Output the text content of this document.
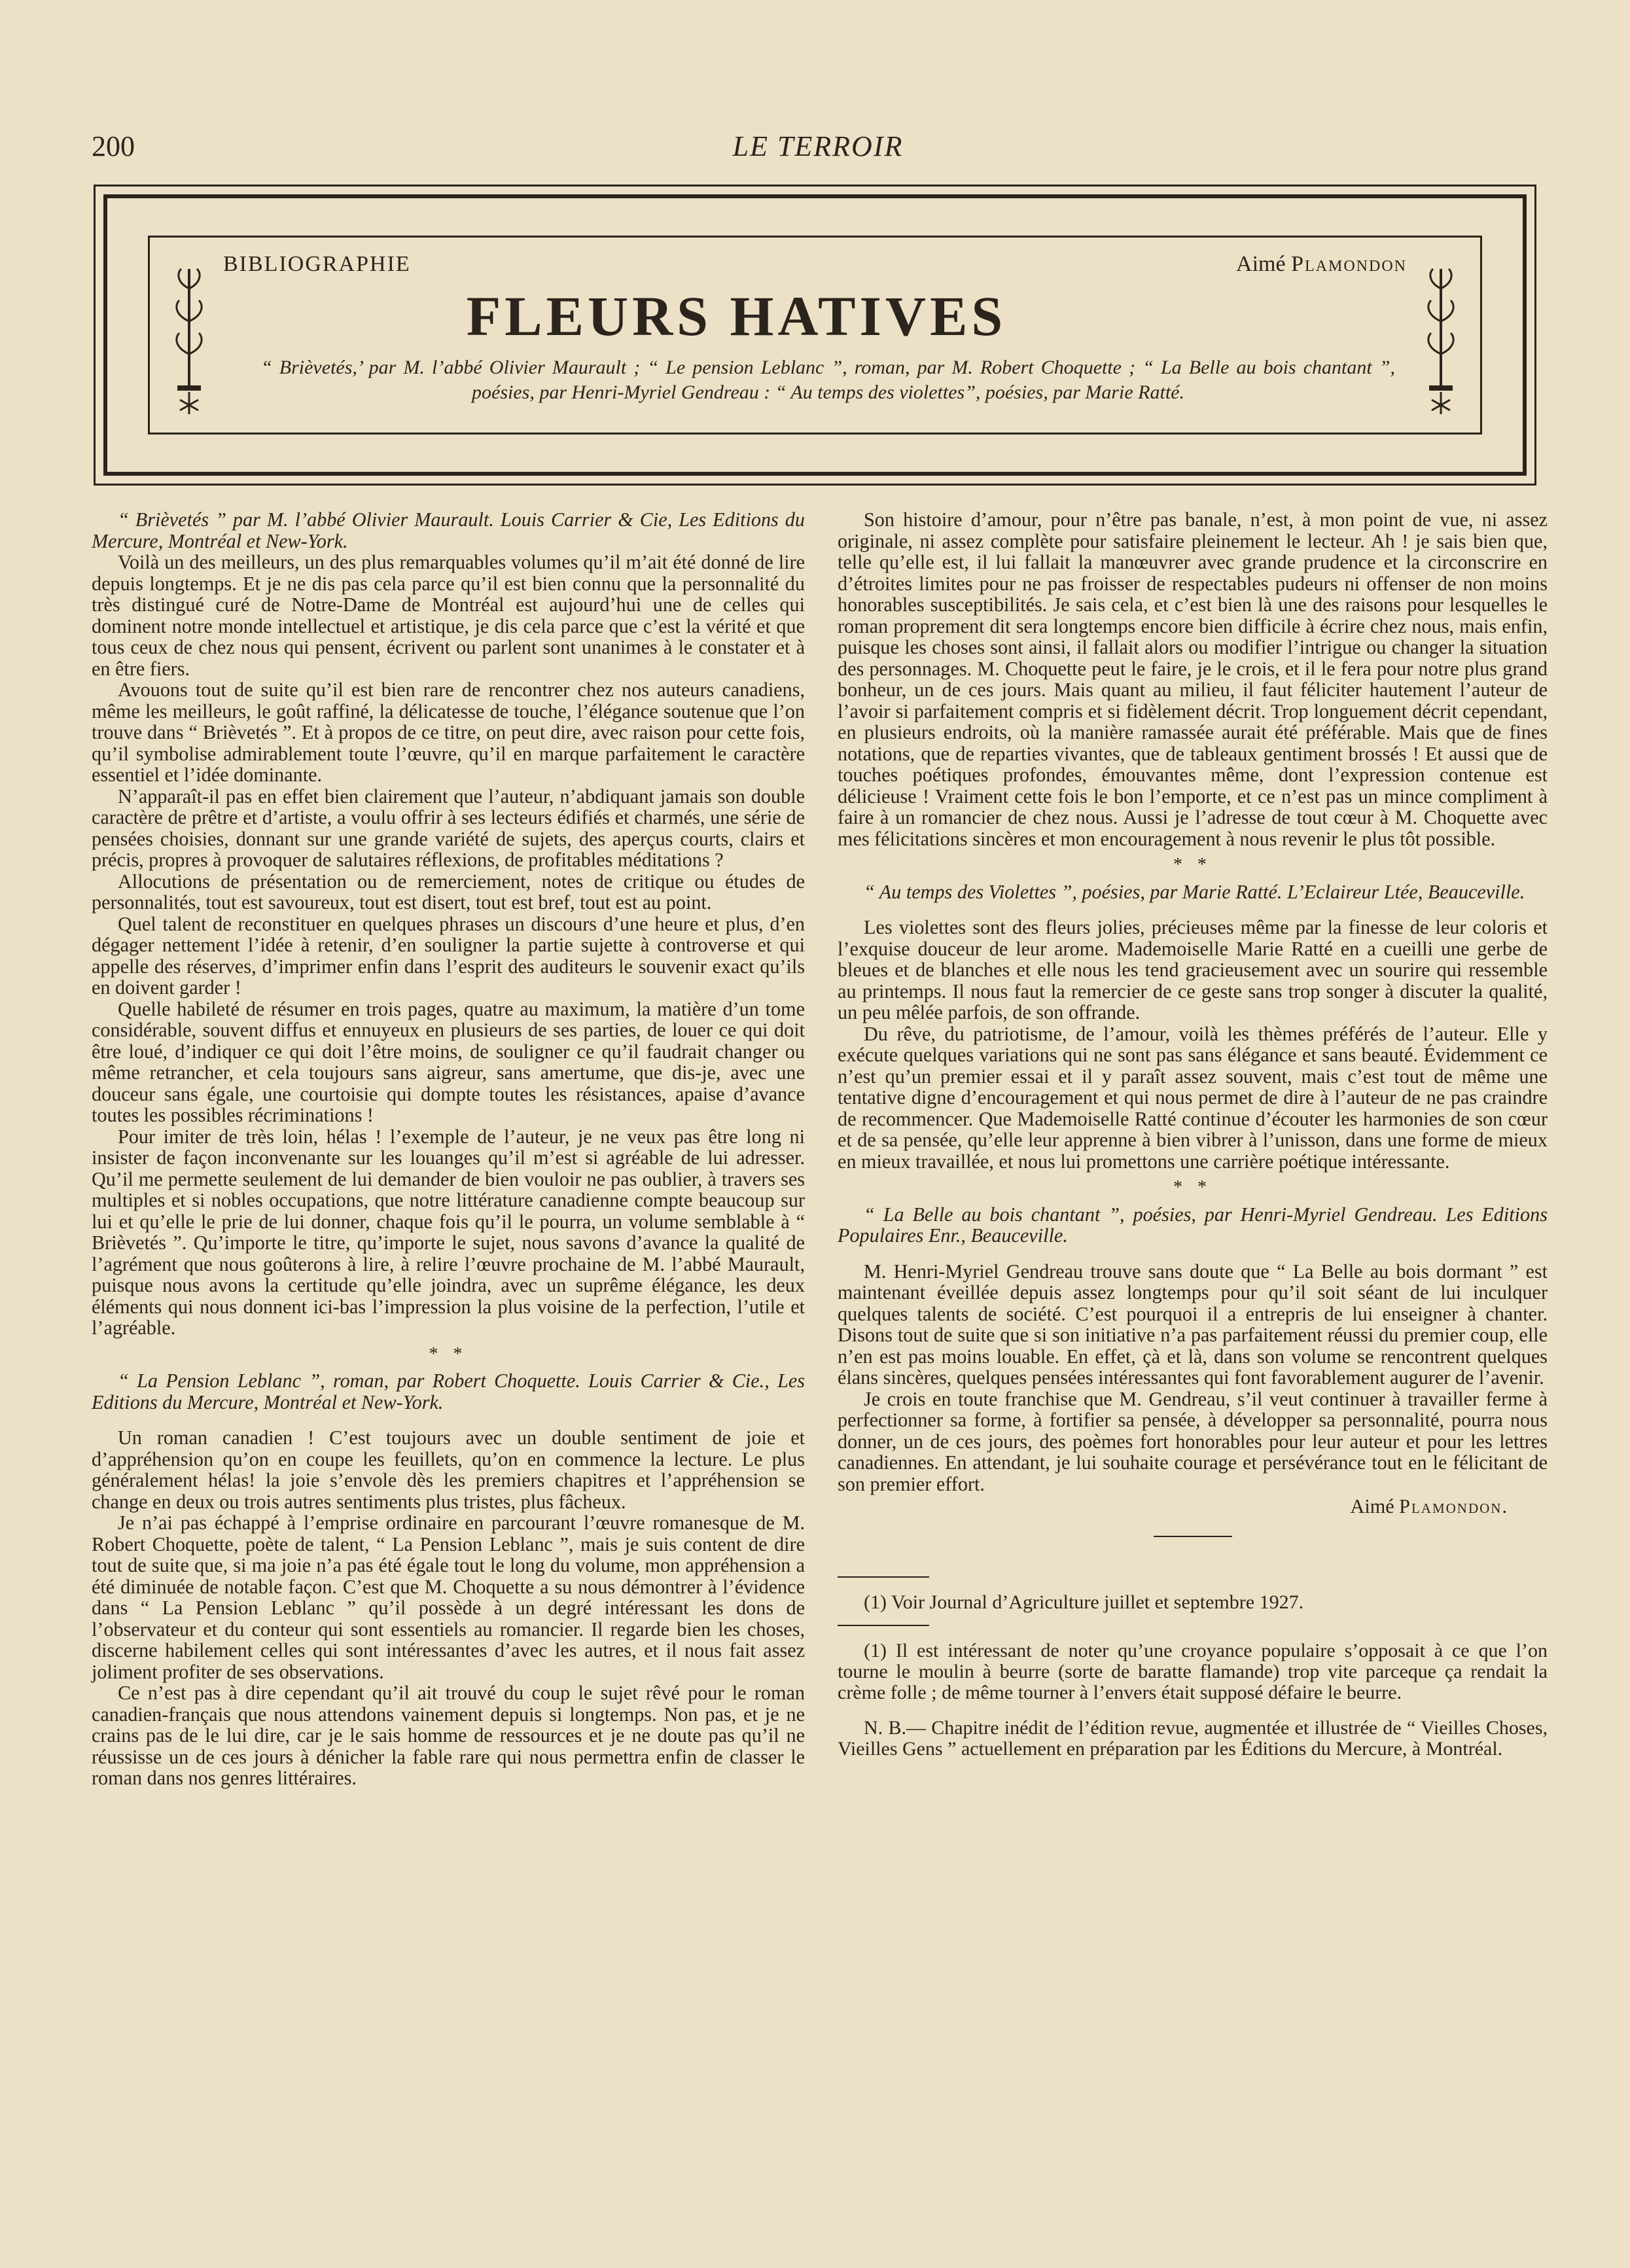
200	LE TERROIR
BIBLIOGRAPHIE	Aimé Plamondon
FLEURS HATIVES
“ Brièvetés,’ par M. l’abbé Olivier Maurault ; “ Le pension Leblanc ”, roman, par M. Robert Choquette ; “ La Belle au bois chantant ”, poésies, par Henri-Myriel Gendreau : “ Au temps des violettes”, poésies, par Marie Ratté.

“ Brièvetés ” par M. l’abbé Olivier Maurault. Louis Carrier & Cie, Les Editions du Mercure, Montréal et New-York.

Voilà un des meilleurs, un des plus remarquables volumes qu’il m’ait été donné de lire depuis longtemps. Et je ne dis pas cela parce qu’il est bien connu que la personnalité du très distingué curé de Notre-Dame de Montréal est aujourd’hui une de celles qui dominent notre monde intellectuel et artistique, je dis cela parce que c’est la vérité et que tous ceux de chez nous qui pensent, écrivent ou parlent sont unanimes à le constater et à en être fiers.

Avouons tout de suite qu’il est bien rare de rencontrer chez nos auteurs canadiens, même les meilleurs, le goût raffiné, la délicatesse de touche, l’élégance soutenue que l’on trouve dans “ Brièvetés ”. Et à propos de ce titre, on peut dire, avec raison pour cette fois, qu’il symbolise admirablement toute l’œuvre, qu’il en marque parfaitement le caractère essentiel et l’idée dominante.

N’apparaît-il pas en effet bien clairement que l’auteur, n’abdiquant jamais son double caractère de prêtre et d’artiste, a voulu offrir à ses lecteurs édifiés et charmés, une série de pensées choisies, donnant sur une grande variété de sujets, des aperçus courts, clairs et précis, propres à provoquer de salutaires réflexions, de profitables méditations ?

Allocutions de présentation ou de remerciement, notes de critique ou études de personnalités, tout est savoureux, tout est disert, tout est bref, tout est au point.

Quel talent de reconstituer en quelques phrases un discours d’une heure et plus, d’en dégager nettement l’idée à retenir, d’en souligner la partie sujette à controverse et qui appelle des réserves, d’imprimer enfin dans l’esprit des auditeurs le souvenir exact qu’ils en doivent garder !

Quelle habileté de résumer en trois pages, quatre au maximum, la matière d’un tome considérable, souvent diffus et ennuyeux en plusieurs de ses parties, de louer ce qui doit être loué, d’indiquer ce qui doit l’être moins, de souligner ce qu’il faudrait changer ou même retrancher, et cela toujours sans aigreur, sans amertume, que dis-je, avec une douceur sans égale, une courtoisie qui dompte toutes les résistances, apaise d’avance toutes les possibles récriminations !

Pour imiter de très loin, hélas ! l’exemple de l’auteur, je ne veux pas être long ni insister de façon inconvenante sur les louanges qu’il m’est si agréable de lui adresser. Qu’il me permette seulement de lui demander de bien vouloir ne pas oublier, à travers ses multiples et si nobles occupations, que notre littérature canadienne compte beaucoup sur lui et qu’elle le prie de lui donner, chaque fois qu’il le pourra, un volume semblable à “ Brièvetés ”. Qu’importe le titre, qu’importe le sujet, nous savons d’avance la qualité de l’agrément que nous goûterons à lire, à relire l’œuvre prochaine de M. l’abbé Maurault, puisque nous avons la certitude qu’elle joindra, avec un suprême élégance, les deux éléments qui nous donnent ici-bas l’impression la plus voisine de la perfection, l’utile et l’agréable.

* *

“ La Pension Leblanc ”, roman, par Robert Choquette. Louis Carrier & Cie., Les Editions du Mercure, Montréal et New-York.

Un roman canadien ! C’est toujours avec un double sentiment de joie et d’appréhension qu’on en coupe les feuillets, qu’on en commence la lecture. Le plus généralement hélas! la joie s’envole dès les premiers chapitres et l’appréhension se change en deux ou trois autres sentiments plus tristes, plus fâcheux.

Je n’ai pas échappé à l’emprise ordinaire en parcourant l’œuvre romanesque de M. Robert Choquette, poète de talent, “ La Pension Leblanc ”, mais je suis content de dire tout de suite que, si ma joie n’a pas été égale tout le long du volume, mon appréhension a été diminuée de notable façon. C’est que M. Choquette a su nous démontrer à l’évidence dans “ La Pension Leblanc ” qu’il possède à un degré intéressant les dons de l’observateur et du conteur qui sont essentiels au romancier. Il regarde bien les choses, discerne habilement celles qui sont intéressantes d’avec les autres, et il nous fait assez joliment profiter de ses observations.

Ce n’est pas à dire cependant qu’il ait trouvé du coup le sujet rêvé pour le roman canadien-français que nous attendons vainement depuis si longtemps. Non pas, et je ne crains pas de le lui dire, car je le sais homme de ressources et je ne doute pas qu’il ne réussisse un de ces jours à dénicher la fable rare qui nous permettra enfin de classer le roman dans nos genres littéraires.

Son histoire d’amour, pour n’être pas banale, n’est, à mon point de vue, ni assez originale, ni assez complète pour satisfaire pleinement le lecteur. Ah ! je sais bien que, telle qu’elle est, il lui fallait la manœuvrer avec grande prudence et la circonscrire en d’étroites limites pour ne pas froisser de respectables pudeurs ni offenser de non moins honorables susceptibilités. Je sais cela, et c’est bien là une des raisons pour lesquelles le roman proprement dit sera longtemps encore bien difficile à écrire chez nous, mais enfin, puisque les choses sont ainsi, il fallait alors ou modifier l’intrigue ou changer la situation des personnages. M. Choquette peut le faire, je le crois, et il le fera pour notre plus grand bonheur, un de ces jours. Mais quant au milieu, il faut féliciter hautement l’auteur de l’avoir si parfaitement compris et si fidèlement décrit. Trop longuement décrit cependant, en plusieurs endroits, où la manière ramassée aurait été préférable. Mais que de fines notations, que de reparties vivantes, que de tableaux gentiment brossés ! Et aussi que de touches poétiques profondes, émouvantes même, dont l’expression contenue est délicieuse ! Vraiment cette fois le bon l’emporte, et ce n’est pas un mince compliment à faire à un romancier de chez nous. Aussi je l’adresse de tout cœur à M. Choquette avec mes félicitations sincères et mon encouragement à nous revenir le plus tôt possible.

* *

“ Au temps des Violettes ”, poésies, par Marie Ratté. L’Eclaireur Ltée, Beauceville.

Les violettes sont des fleurs jolies, précieuses même par la finesse de leur coloris et l’exquise douceur de leur arome. Mademoiselle Marie Ratté en a cueilli une gerbe de bleues et de blanches et elle nous les tend gracieusement avec un sourire qui ressemble au printemps. Il nous faut la remercier de ce geste sans trop songer à discuter la qualité, un peu mêlée parfois, de son offrande.

Du rêve, du patriotisme, de l’amour, voilà les thèmes préférés de l’auteur. Elle y exécute quelques variations qui ne sont pas sans élégance et sans beauté. Évidemment ce n’est qu’un premier essai et il y paraît assez souvent, mais c’est tout de même une tentative digne d’encouragement et qui nous permet de dire à l’auteur de ne pas craindre de recommencer. Que Mademoiselle Ratté continue d’écouter les harmonies de son cœur et de sa pensée, qu’elle leur apprenne à bien vibrer à l’unisson, dans une forme de mieux en mieux travaillée, et nous lui promettons une carrière poétique intéressante.

* *

“ La Belle au bois chantant ”, poésies, par Henri-Myriel Gendreau. Les Editions Populaires Enr., Beauceville.

M. Henri-Myriel Gendreau trouve sans doute que “ La Belle au bois dormant ” est maintenant éveillée depuis assez longtemps pour qu’il soit séant de lui inculquer quelques talents de société. C’est pourquoi il a entrepris de lui enseigner à chanter. Disons tout de suite que si son initiative n’a pas parfaitement réussi du premier coup, elle n’en est pas moins louable. En effet, çà et là, dans son volume se rencontrent quelques élans sincères, quelques pensées intéressantes qui font favorablement augurer de l’avenir.

Je crois en toute franchise que M. Gendreau, s’il veut continuer à travailler ferme à perfectionner sa forme, à fortifier sa pensée, à développer sa personnalité, pourra nous donner, un de ces jours, des poèmes fort honorables pour leur auteur et pour les lettres canadiennes. En attendant, je lui souhaite courage et persévérance tout en le félicitant de son premier effort.

Aimé Plamondon.

(1) Voir Journal d’Agriculture juillet et septembre 1927.

(1) Il est intéressant de noter qu’une croyance populaire s’opposait à ce que l’on tourne le moulin à beurre (sorte de baratte flamande) trop vite parceque ça rendait la crème folle ; de même tourner à l’envers était supposé défaire le beurre.

N. B.— Chapitre inédit de l’édition revue, augmentée et illustrée de “ Vieilles Choses, Vieilles Gens ” actuellement en préparation par les Éditions du Mercure, à Montréal.
